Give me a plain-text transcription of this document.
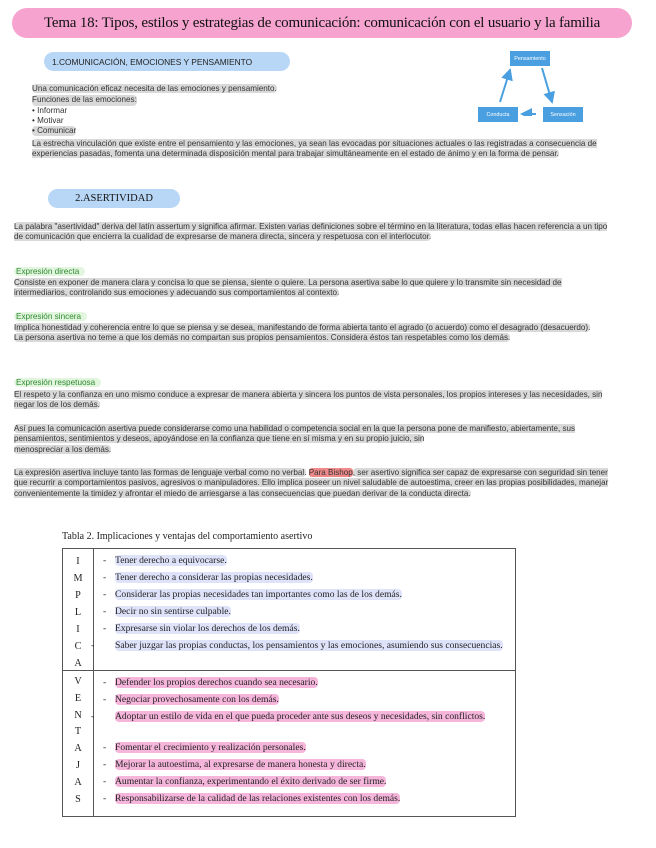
Tema 18: Tipos, estilos y estrategias de comunicación: comunicación con el usuario y la familia
1.COMUNICACIÓN, EMOCIONES Y PENSAMIENTO
Una comunicación eficaz necesita de las emociones y pensamiento. Funciones de las emociones:
• Informar
• Motivar
• Comunicar
La estrecha vinculación que existe entre el pensamiento y las emociones, ya sean las evocadas por situaciones actuales o las registradas a consecuencia de experiencias pasadas, fomenta una determinada disposición mental para trabajar simultáneamente en el estado de ánimo y en la forma de pensar.
Pensamiento
Conducta	Sensación
2.ASERTIVIDAD
La palabra "asertividad" deriva del latín assertum y significa afirmar. Existen varias definiciones sobre el término en la literatura, todas ellas hacen referencia a un tipo de comunicación que encierra la cualidad de expresarse de manera directa, sincera y respetuosa con el interlocutor.
Expresión directa
Consiste en exponer de manera clara y concisa lo que se piensa, siente o quiere. La persona asertiva sabe lo que quiere y lo transmite sin necesidad de intermediarios, controlando sus emociones y adecuando sus comportamientos al contexto.
Expresión sincera
Implica honestidad y coherencia entre lo que se piensa y se desea, manifestando de forma abierta tanto el agrado (o acuerdo) como el desagrado (desacuerdo).
La persona asertiva no teme a que los demás no compartan sus propios pensamientos. Considera éstos tan respetables como los demás.
Expresión respetuosa
El respeto y la confianza en uno mismo conduce a expresar de manera abierta y sincera los puntos de vista personales, los propios intereses y las necesidades, sin negar los de los demás.
Así pues la comunicación asertiva puede considerarse como una habilidad o competencia social en la que la persona pone de manifiesto, abiertamente, sus pensamientos, sentimientos y deseos, apoyándose en la confianza que tiene en sí misma y en su propio juicio, sin
menospreciar a los demás.
La expresión asertiva incluye tanto las formas de lenguaje verbal como no verbal. Para Bishop, ser asertivo significa ser capaz de expresarse con seguridad sin tener que recurrir a comportamientos pasivos, agresivos o manipuladores. Ello implica poseer un nivel saludable de autoestima, creer en las propias posibilidades, manejar convenientemente la timidez y afrontar el miedo de arriesgarse a las consecuencias que puedan derivar de la conducta directa.
Tabla 2. Implicaciones y ventajas del comportamiento asertivo
I
M
P
L
I
C
A
V
E
N
T
A
J
A
S
- Tener derecho a equivocarse.
- Tener derecho a considerar las propias necesidades.
- Considerar las propias necesidades tan importantes como las de los demás.
- Decir no sin sentirse culpable.
- Expresarse sin violar los derechos de los demás.
- Saber juzgar las propias conductas, los pensamientos y las emociones, asumiendo sus consecuencias.
- Defender los propios derechos cuando sea necesario.
- Negociar provechosamente con los demás.
- Adoptar un estilo de vida en el que pueda proceder ante sus deseos y necesidades, sin conflictos.
- Fomentar el crecimiento y realización personales.
- Mejorar la autoestima, al expresarse de manera honesta y directa.
- Aumentar la confianza, experimentando el éxito derivado de ser firme.
- Responsabilizarse de la calidad de las relaciones existentes con los demás.
